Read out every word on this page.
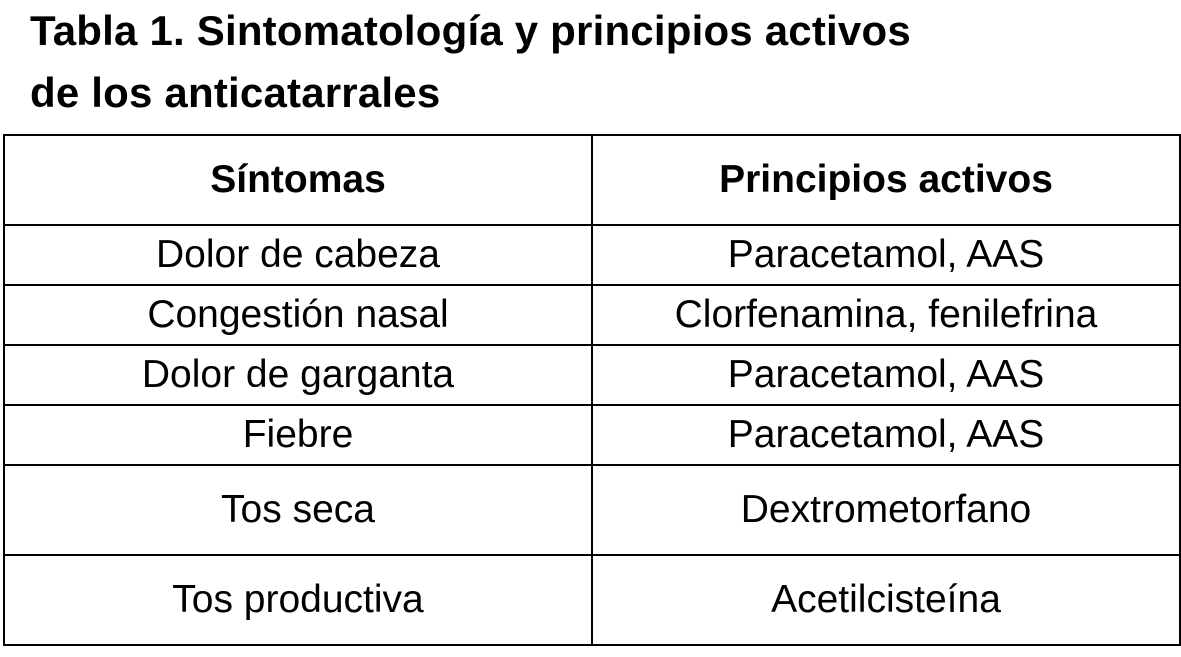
Tabla 1. Sintomatología y principios activos
de los anticatarrales
Síntomas	Principios activos
Dolor de cabeza	Paracetamol, AAS
Congestión nasal	Clorfenamina, fenilefrina
Dolor de garganta	Paracetamol, AAS
Fiebre	Paracetamol, AAS
Tos seca	Dextrometorfano
Tos productiva	Acetilcisteína
